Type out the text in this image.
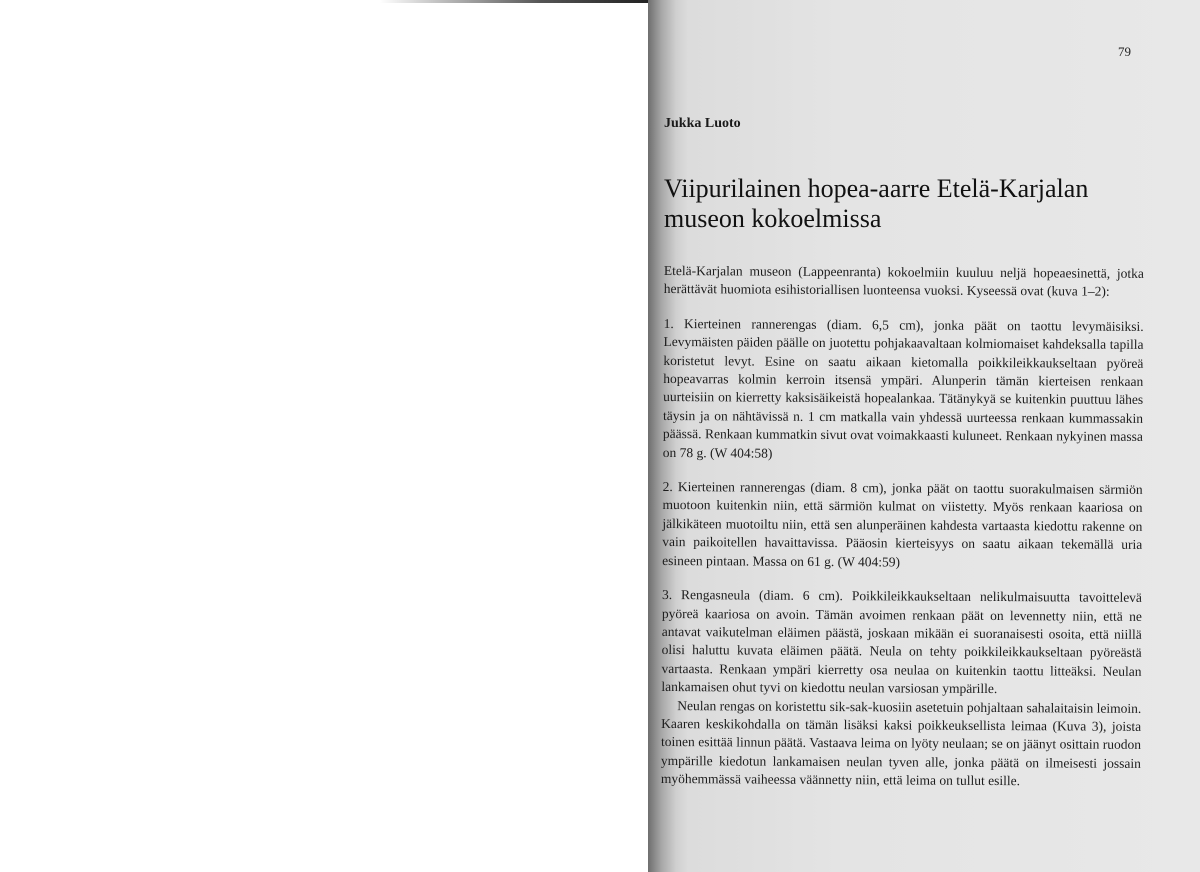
79
Jukka Luoto
Viipurilainen hopea-aarre Etelä-Karjalan museon kokoelmissa

Etelä-Karjalan museon (Lappeenranta) kokoelmiin kuuluu neljä hopeaesinettä, jotka herättävät huomiota esihistoriallisen luonteensa vuoksi. Kyseessä ovat (kuva 1–2):

1. Kierteinen rannerengas (diam. 6,5 cm), jonka päät on taottu levymäisiksi. Levymäisten päiden päälle on juotettu pohjakaavaltaan kolmiomaiset kahdeksalla tapilla koristetut levyt. Esine on saatu aikaan kietomalla poikkileikkaukseltaan pyöreä hopeavarras kolmin kerroin itsensä ympäri. Alunperin tämän kierteisen renkaan uurteisiin on kierretty kaksisäikeistä hopealankaa. Tätänykyä se kuitenkin puuttuu lähes täysin ja on nähtävissä n. 1 cm matkalla vain yhdessä uurteessa renkaan kummassakin päässä. Renkaan kummatkin sivut ovat voimakkaasti kuluneet. Renkaan nykyinen massa on 78 g. (W 404:58)

2. Kierteinen rannerengas (diam. 8 cm), jonka päät on taottu suorakulmaisen särmiön muotoon kuitenkin niin, että särmiön kulmat on viistetty. Myös renkaan kaariosa on jälkikäteen muotoiltu niin, että sen alunperäinen kahdesta vartaasta kiedottu rakenne on vain paikoitellen havaittavissa. Pääosin kierteisyys on saatu aikaan tekemällä uria esineen pintaan. Massa on 61 g. (W 404:59)

3. Rengasneula (diam. 6 cm). Poikkileikkaukseltaan nelikulmaisuutta tavoittelevä pyöreä kaariosa on avoin. Tämän avoimen renkaan päät on levennetty niin, että ne antavat vaikutelman eläimen päästä, joskaan mikään ei suoranaisesti osoita, että niillä olisi haluttu kuvata eläimen päätä. Neula on tehty poikkileikkaukseltaan pyöreästä vartaasta. Renkaan ympäri kierretty osa neulaa on kuitenkin taottu litteäksi. Neulan lankamaisen ohut tyvi on kiedottu neulan varsiosan ympärille.

Neulan rengas on koristettu sik-sak-kuosiin asetetuin pohjaltaan sahalaitaisin leimoin. Kaaren keskikohdalla on tämän lisäksi kaksi poikkeuksellista leimaa (Kuva 3), joista toinen esittää linnun päätä. Vastaava leima on lyöty neulaan; se on jäänyt osittain ruodon ympärille kiedotun lankamaisen neulan tyven alle, jonka päätä on ilmeisesti jossain myöhemmässä vaiheessa väännetty niin, että leima on tullut esille.
